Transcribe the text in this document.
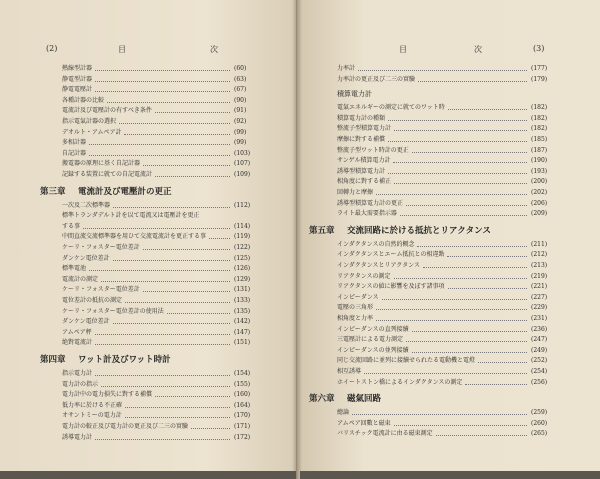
(2)	目	次
熱線型計器	(60)
静電型計器	(63)
静電電壓計	(67)
各種計器の比較	(90)
電流計及び電壓計の有すべき条件	(91)
指示電氣計器の選択	(92)
デオルト・アムペア計	(99)
多相計器	(99)
自記計器	(103)
搬電器の原理に基く自記計器	(107)
記録する装置に就ての自記電流計	(109)
第三章 電流計及び電壓計の更正
一次及二次標準器	(112)
標準トランダデルト計を以て電流又は電壓計を更正
する事	(114)
中間直流交流標準器を用ひて交流電流計を更正する事	(119)
ケーリ・フォスター電位差計	(122)
ダンケン電位差計	(125)
標準電池	(126)
電流計の測定	(129)
ケーリ・フォスター電位差計	(131)
電位差計の抵抗の測定	(133)
ケーリ・フォスター電位差計の使用法	(135)
ダンケン電位差計	(142)
アムペア秤	(147)
絶對電流計	(151)
第四章 ワット計及びワット時計
指示電力計	(154)
電力計の指示	(155)
電力計中の電力損失に對する補償	(160)
低力率に於ける不正確	(164)
オサントミーの電力計	(170)
電力計の較正及び電力計の更正及び二三の實驗	(171)
誘導電力計	(172)
目	次	(3)
力率計	(177)
力率計の更正及び二三の實驗	(179)
積算電力計
電氣エネルギーの測定に就てのワット時	(182)
積算電力計の種類	(182)
整流子型積算電力計	(182)
摩擦に對する補償	(185)
整流子型ワット時計の更正	(187)
サンゲル積算電力計	(190)
誘導型積算電力計	(193)
相角度に對する補正	(200)
回轉力と摩擦	(202)
誘導型積算電力計の更正	(206)
ライト最大需要指示器	(209)
第五章 交流回路に於ける抵抗とリアクタンス
インダクタンスの自然的概念	(211)
インダクタンスとエーム抵抗との相違點	(212)
インダクタンスとリアクタンス	(213)
リアクタンスの測定	(219)
リアクタンスの値に影響を及ぼす諸事項	(221)
インピーダンス	(227)
電壓の三角形	(229)
相角度と力率	(231)
インピーダンスの直列接續	(236)
三電壓計による電力測定	(247)
インピーダンスの並列接續	(249)
同じ交流回路に並列に接續せられたる電動機と電燈	(252)
相互誘導	(254)
ホイートストン橋によるインダクタンスの測定	(256)
第六章 磁氣回路
總論	(259)
アムペア回數と磁束	(260)
バリスチック電流計に由る磁束測定	(265)
